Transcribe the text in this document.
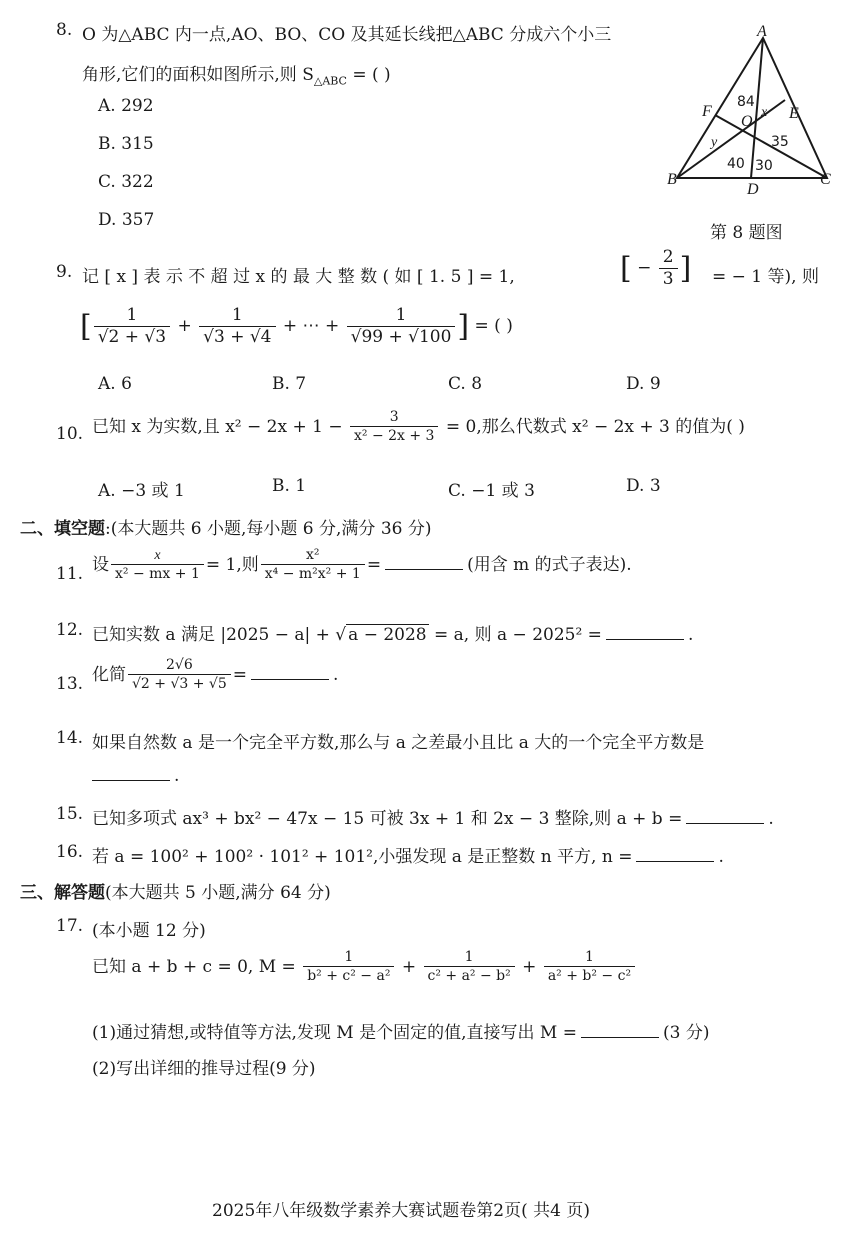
8. O 为△ABC 内一点,AO、BO、CO 及其延长线把△ABC 分成六个小三
角形,它们的面积如图所示,则 $S_{\triangle ABC}$ = ( )
A. 292
B. 315
C. 322
D. 357
A
B	C
D
E
F
O
84
x
35
30
40
y
第 8 题图
9. 记 [ x ] 表 示 不 超 过 x 的 最 大 整 数 ( 如 [ 1. 5 ] = 1,	[ − $\frac{2}{3}$ ] = − 1 等), 则
[ $\frac{1}{√2 + √3} + \frac{1}{√3 + √4}$ + ⋯ + $\frac{1}{√99 + √100}$ ] = ( )
A. 6	B. 7	C. 8	D. 9
10. 已知 x 为实数,且 $x^2 - 2x + 1 - \frac{3}{\text{x² − 2x + 3}} = 0$,那么代数式 x² − 2x + 3 的值为( )
A. −3 或 1	B. 1	C. −1 或 3	D. 3
二、填空题:(本大题共 6 小题,每小题 6 分,满分 36 分)
11. 设 $\frac{x}{\text{x² − mx + 1}} = 1$,则 $\frac{\text{x²}}{\text{x⁴ − m²x² + 1}}$ =	(用含 m 的式子表达).
12. 已知实数 a 满足 |2025 − a| + √ a − 2028 = a, 则 a − 2025² =	.
13. 化简 $\frac{2√6}{√2 + √3 + √5}$ =	.
14. 如果自然数 a 是一个完全平方数,那么与 a 之差最小且比 a 大的一个完全平方数是
.
15. 已知多项式 ax³ + bx² − 47x − 15 可被 3x + 1 和 2x − 3 整除,则 a + b =	.
16. 若 a = 100² + 100² · 101² + 101²,小强发现 a 是正整数 n 平方, n =	.
三、解答题(本大题共 5 小题,满分 64 分)
17. (本小题 12 分)
已知 a + b + c = 0, $M = \frac{1}{\text{b² + c² − a²}} + \frac{1}{\text{c² + a² − b²}} + \frac{1}{\text{a² + b² − c²}}$
(1)通过猜想,或特值等方法,发现 M 是个固定的值,直接写出 M =	(3 分)
(2)写出详细的推导过程(9 分)
2025年八年级数学素养大赛试题卷第2页( 共4 页)
